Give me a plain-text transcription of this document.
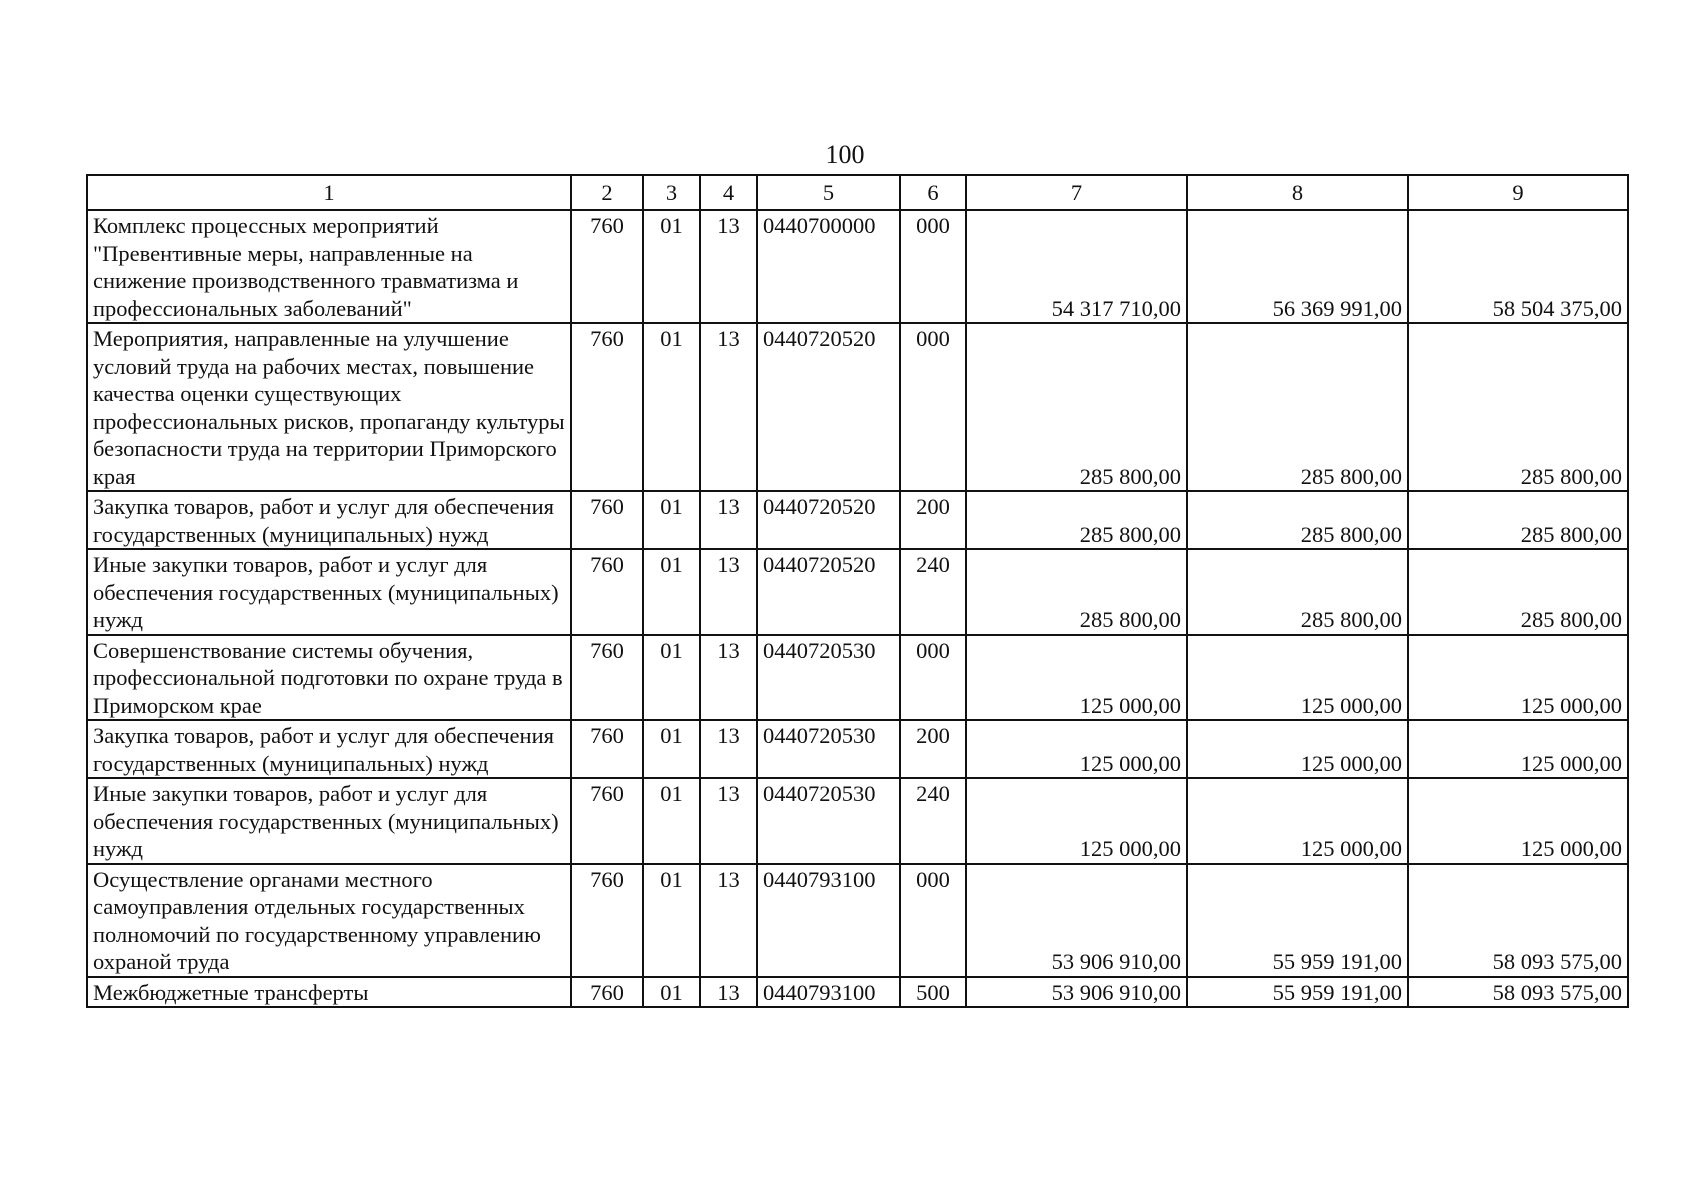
100
1	2	3	4	5	6	7	8	9
Комплекс процессных мероприятий "Превентивные меры, направленные на снижение производственного травматизма и профессиональных заболеваний"	760	01	13	0440700000	000	54 317 710,00	56 369 991,00	58 504 375,00
Мероприятия, направленные на улучшение условий труда на рабочих местах, повышение качества оценки существующих профессиональных рисков, пропаганду культуры безопасности труда на территории Приморского края	760	01	13	0440720520	000	285 800,00	285 800,00	285 800,00
Закупка товаров, работ и услуг для обеспечения государственных (муниципальных) нужд	760	01	13	0440720520	200	285 800,00	285 800,00	285 800,00
Иные закупки товаров, работ и услуг для обеспечения государственных (муниципальных) нужд	760	01	13	0440720520	240	285 800,00	285 800,00	285 800,00
Совершенствование системы обучения, профессиональной подготовки по охране труда в Приморском крае	760	01	13	0440720530	000	125 000,00	125 000,00	125 000,00
Закупка товаров, работ и услуг для обеспечения государственных (муниципальных) нужд	760	01	13	0440720530	200	125 000,00	125 000,00	125 000,00
Иные закупки товаров, работ и услуг для обеспечения государственных (муниципальных) нужд	760	01	13	0440720530	240	125 000,00	125 000,00	125 000,00
Осуществление органами местного самоуправления отдельных государственных полномочий по государственному управлению охраной труда	760	01	13	0440793100	000	53 906 910,00	55 959 191,00	58 093 575,00
Межбюджетные трансферты	760	01	13	0440793100	500	53 906 910,00	55 959 191,00	58 093 575,00
